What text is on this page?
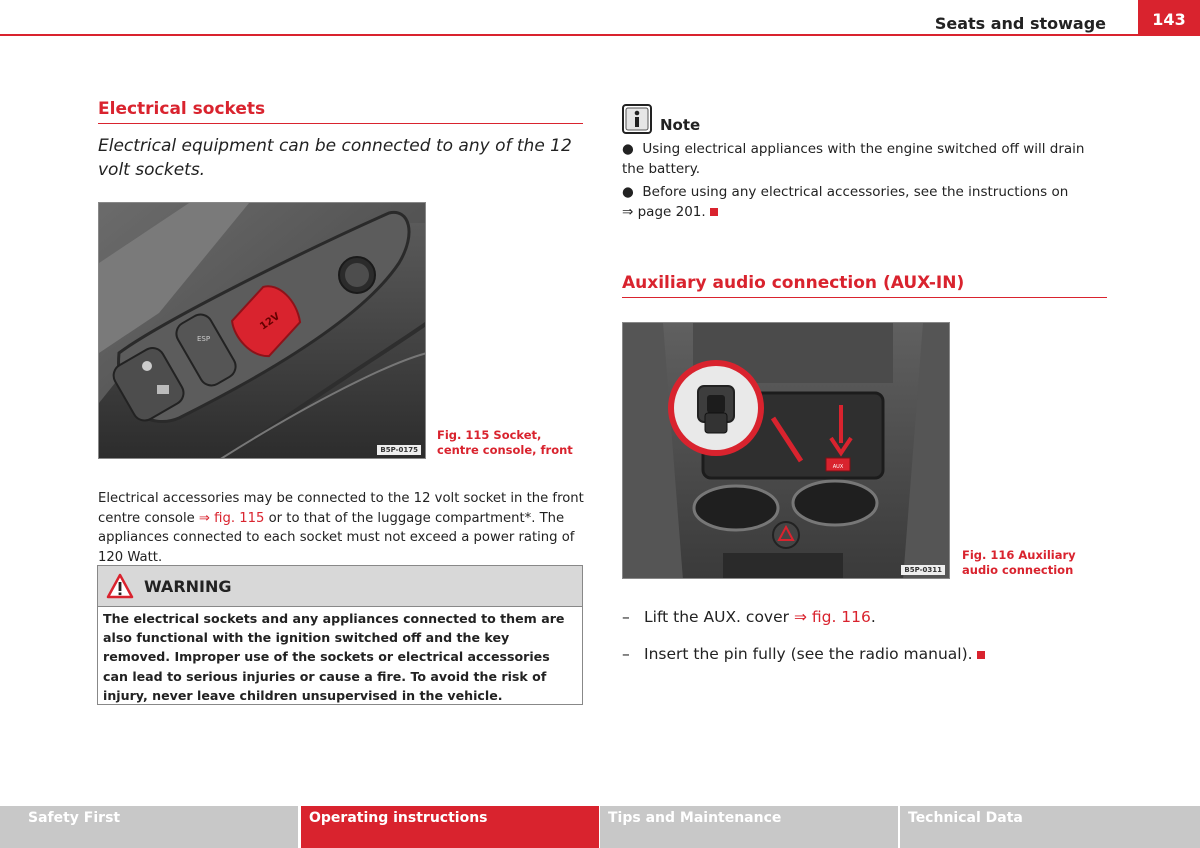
Seats and stowage	143
Electrical sockets
Electrical equipment can be connected to any of the 12 volt sockets.
12V
ESP
B5P-0175
Fig. 115 Socket, centre console, front
Electrical accessories may be connected to the 12 volt socket in the front centre console ⇒ fig. 115 or to that of the luggage compartment*. The appliances connected to each socket must not exceed a power rating of 120 Watt.
WARNING
The electrical sockets and any appliances connected to them are also functional with the ignition switched off and the key removed. Improper use of the sockets or electrical accessories can lead to serious injuries or cause a fire. To avoid the risk of injury, never leave children unsupervised in the vehicle.
Note
●  Using electrical appliances with the engine switched off will drain the battery.
●  Before using any electrical accessories, see the instructions on
⇒ page 201.
Auxiliary audio connection (AUX-IN)
AUX
B5P-0311
Fig. 116 Auxiliary audio connection
– Lift the AUX. cover ⇒ fig. 116.
– Insert the pin fully (see the radio manual).
Safety First	Operating instructions	Tips and Maintenance	Technical Data
